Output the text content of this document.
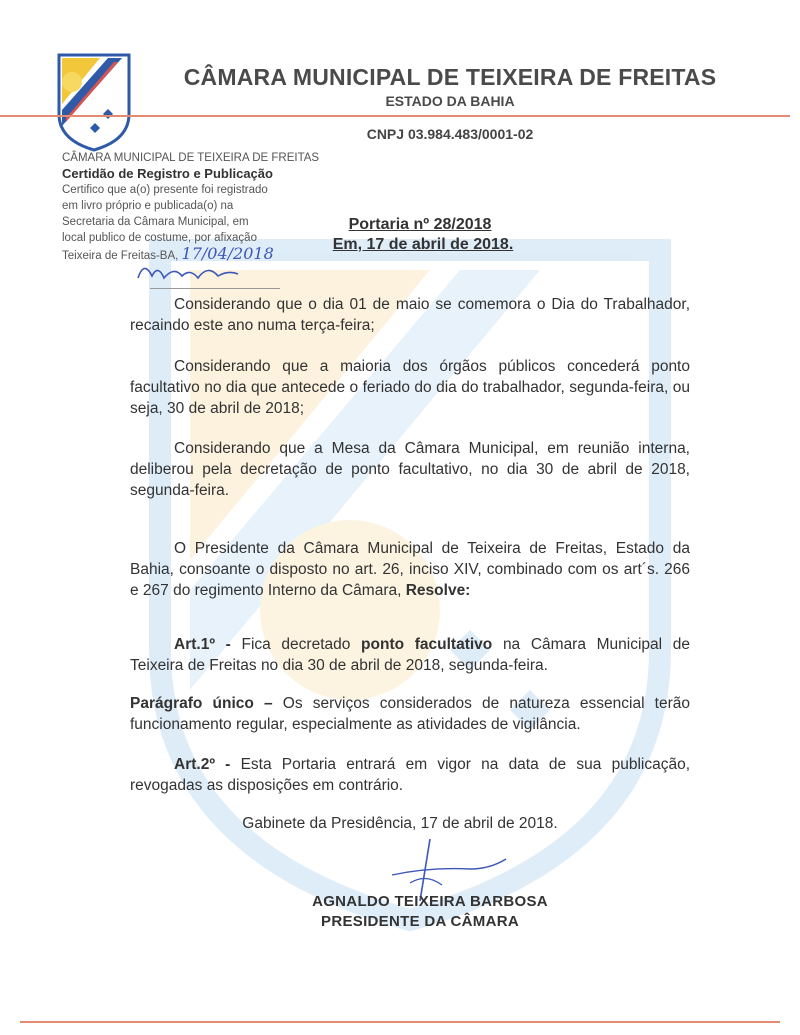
CÂMARA MUNICIPAL DE TEIXEIRA DE FREITAS
ESTADO DA BAHIA
CNPJ 03.984.483/0001-02
CÂMARA MUNICIPAL DE TEIXEIRA DE FREITAS
Certidão de Registro e Publicação
Certifico que a(o) presente foi registrado
em livro próprio e publicada(o) na
Secretaria da Câmara Municipal, em
local publico de costume, por afixação
Teixeira de Freitas-BA, 17/04/2018
Portaria nº 28/2018
Em, 17 de abril de 2018.

Considerando que o dia 01 de maio se comemora o Dia do Trabalhador, recaindo este ano numa terça-feira;

Considerando que a maioria dos órgãos públicos concederá ponto facultativo no dia que antecede o feriado do dia do trabalhador, segunda-feira, ou seja, 30 de abril de 2018;

Considerando que a Mesa da Câmara Municipal, em reunião interna, deliberou pela decretação de ponto facultativo, no dia 30 de abril de 2018, segunda-feira.

O Presidente da Câmara Municipal de Teixeira de Freitas, Estado da Bahia, consoante o disposto no art. 26, inciso XIV, combinado com os art´s. 266 e 267 do regimento Interno da Câmara, Resolve:

Art.1º - Fica decretado ponto facultativo na Câmara Municipal de Teixeira de Freitas no dia 30 de abril de 2018, segunda-feira.

Parágrafo único – Os serviços considerados de natureza essencial terão funcionamento regular, especialmente as atividades de vigilância.

Art.2º - Esta Portaria entrará em vigor na data de sua publicação, revogadas as disposições em contrário.

Gabinete da Presidência, 17 de abril de 2018.
AGNALDO TEIXEIRA BARBOSA
PRESIDENTE DA CÂMARA
